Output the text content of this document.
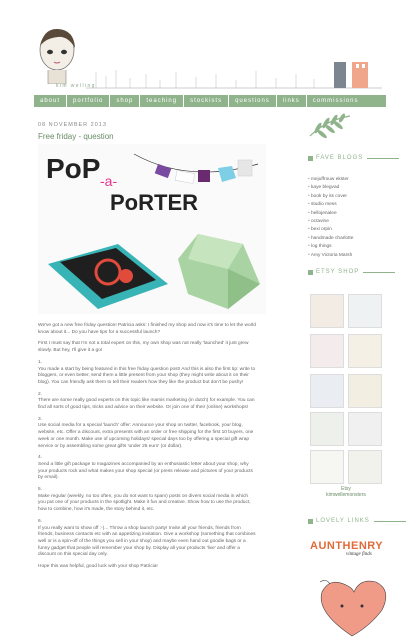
kim welling
about	portfolio	shop	teaching	stockists	questions	links	commissions
08 NOVEMBER 2013
Free friday - question
PoP -a-
PoRTER

We've got a new free friday question! Patricia asks: I finished my shop and now it's time to let the world know about it... Do you have tips for a successful launch?

First I must say that I'm not a total expert on this, my own shop was not really 'launched' it just grew slowly. But hey, I'll give it a go!

1.

You made a start by being featured in this free friday question post! And this is also the first tip: write to bloggers, or even better, send them a little present from your shop (they might write about it on their blog). You can friendly ask them to tell their readers how they like the product but don't be pushy!

2.

There are some really good experts on this topic like mamis marketing (in dutch) for example. You can find all sorts of good tips, tricks and advice on their website. Or join one of their (online) workshops!

3.

Use social media for a special 'launch' offer: Announce your shop on twitter, facebook, your blog, website, etc. Offer a discount, extra presents with an order or free shipping for the first 10 buyers, one week or one month. Make use of upcoming holidays/ special days too by offering a special gift wrap service or by assembling some great gifts 'under 25 euro' (or dollar).

4.

Send a little gift package to magazines accompanied by an enthusiastic letter about your shop, why your products rock and what makes your shop special (or press release and pictures of your products by email).

5.

Make regular (weekly, no too often, you do not want to spam) posts on divers social media in which you put one of your products in the spotlight. Make it fun and creative. Show how to use the product, how to combine, how it's made, the story behind it, etc.

6.

If you really want to show off :-)... Throw a shop launch party! Invite all your friends, friends from friends, business contacts etc with an appetizing invitation. Give a workshop (something that combines well or is a spin-off of the things you sell in your shop) and maybe even hand out goodie bags or a funny gadget that people will remember your shop by. Display all your products 'live' and offer a discount on this special day only.

Hope this was helpful, good luck with your shop Patricia!

FAVE BLOGS
• mejuffrouw ekster
• kaye blegvad
• book by its cover
• studio mess
• hellojenalee
• octavine
• bexi orpin
• handmade charlotte
• log things
• Amy Victoria Marsh
ETSY SHOP
Etsy
kimwellemonsters
LOVELY LINKS
AUNTHENRY
vintage finds
